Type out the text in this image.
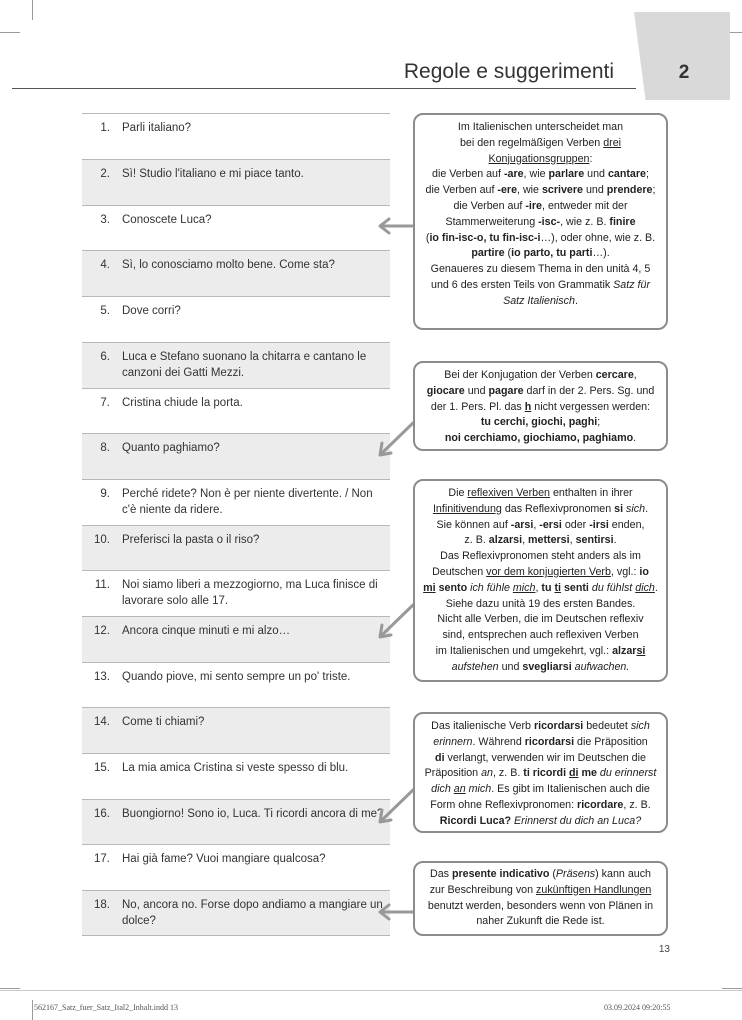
2
Regole e suggerimenti
1. Parli italiano?
2. Sì! Studio l'italiano e mi piace tanto.
3. Conoscete Luca?
4. Sì, lo conosciamo molto bene. Come sta?
5. Dove corri?
6. Luca e Stefano suonano la chitarra e cantano le canzoni dei Gatti Mezzi.
7. Cristina chiude la porta.
8. Quanto paghiamo?
9. Perché ridete? Non è per niente divertente. / Non c'è niente da ridere.
10. Preferisci la pasta o il riso?
11. Noi siamo liberi a mezzogiorno, ma Luca finisce di lavorare solo alle 17.
12. Ancora cinque minuti e mi alzo…
13. Quando piove, mi sento sempre un po' triste.
14. Come ti chiami?
15. La mia amica Cristina si veste spesso di blu.
16. Buongiorno! Sono io, Luca. Ti ricordi ancora di me?
17. Hai già fame? Vuoi mangiare qualcosa?
18. No, ancora no. Forse dopo andiamo a mangiare un dolce?
Im Italienischen unterscheidet man
bei den regelmäßigen Verben drei
Konjugationsgruppen:
die Verben auf -are, wie parlare und cantare;
die Verben auf -ere, wie scrivere und prendere;
die Verben auf -ire, entweder mit der
Stammerweiterung -isc-, wie z. B. finire
(io fin-isc-o, tu fin-isc-i…), oder ohne, wie z. B.
partire (io parto, tu parti…).
Genaueres zu diesem Thema in den unità 4, 5
und 6 des ersten Teils von Grammatik Satz für
Satz Italienisch.
Bei der Konjugation der Verben cercare,
giocare und pagare darf in der 2. Pers. Sg. und
der 1. Pers. Pl. das h nicht vergessen werden:
tu cerchi, giochi, paghi;
noi cerchiamo, giochiamo, paghiamo.
Die reflexiven Verben enthalten in ihrer
Infinitivendung das Reflexivpronomen si sich.
Sie können auf -arsi, -ersi oder -irsi enden,
z. B. alzarsi, mettersi, sentirsi.
Das Reflexivpronomen steht anders als im
Deutschen vor dem konjugierten Verb, vgl.: io
mi sento ich fühle mich, tu ti senti du fühlst dich.
Siehe dazu unità 19 des ersten Bandes.
Nicht alle Verben, die im Deutschen reflexiv
sind, entsprechen auch reflexiven Verben
im Italienischen und umgekehrt, vgl.: alzarsi
aufstehen und svegliarsi aufwachen.
Das italienische Verb ricordarsi bedeutet sich
erinnern. Während ricordarsi die Präposition
di verlangt, verwenden wir im Deutschen die
Präposition an, z. B. ti ricordi di me du erinnerst
dich an mich. Es gibt im Italienischen auch die
Form ohne Reflexivpronomen: ricordare, z. B.
Ricordi Luca? Erinnerst du dich an Luca?
Das presente indicativo (Präsens) kann auch
zur Beschreibung von zukünftigen Handlungen
benutzt werden, besonders wenn von Plänen in
naher Zukunft die Rede ist.
13
562167_Satz_fuer_Satz_Ital2_Inhalt.indd 13	03.09.2024 09:20:55
